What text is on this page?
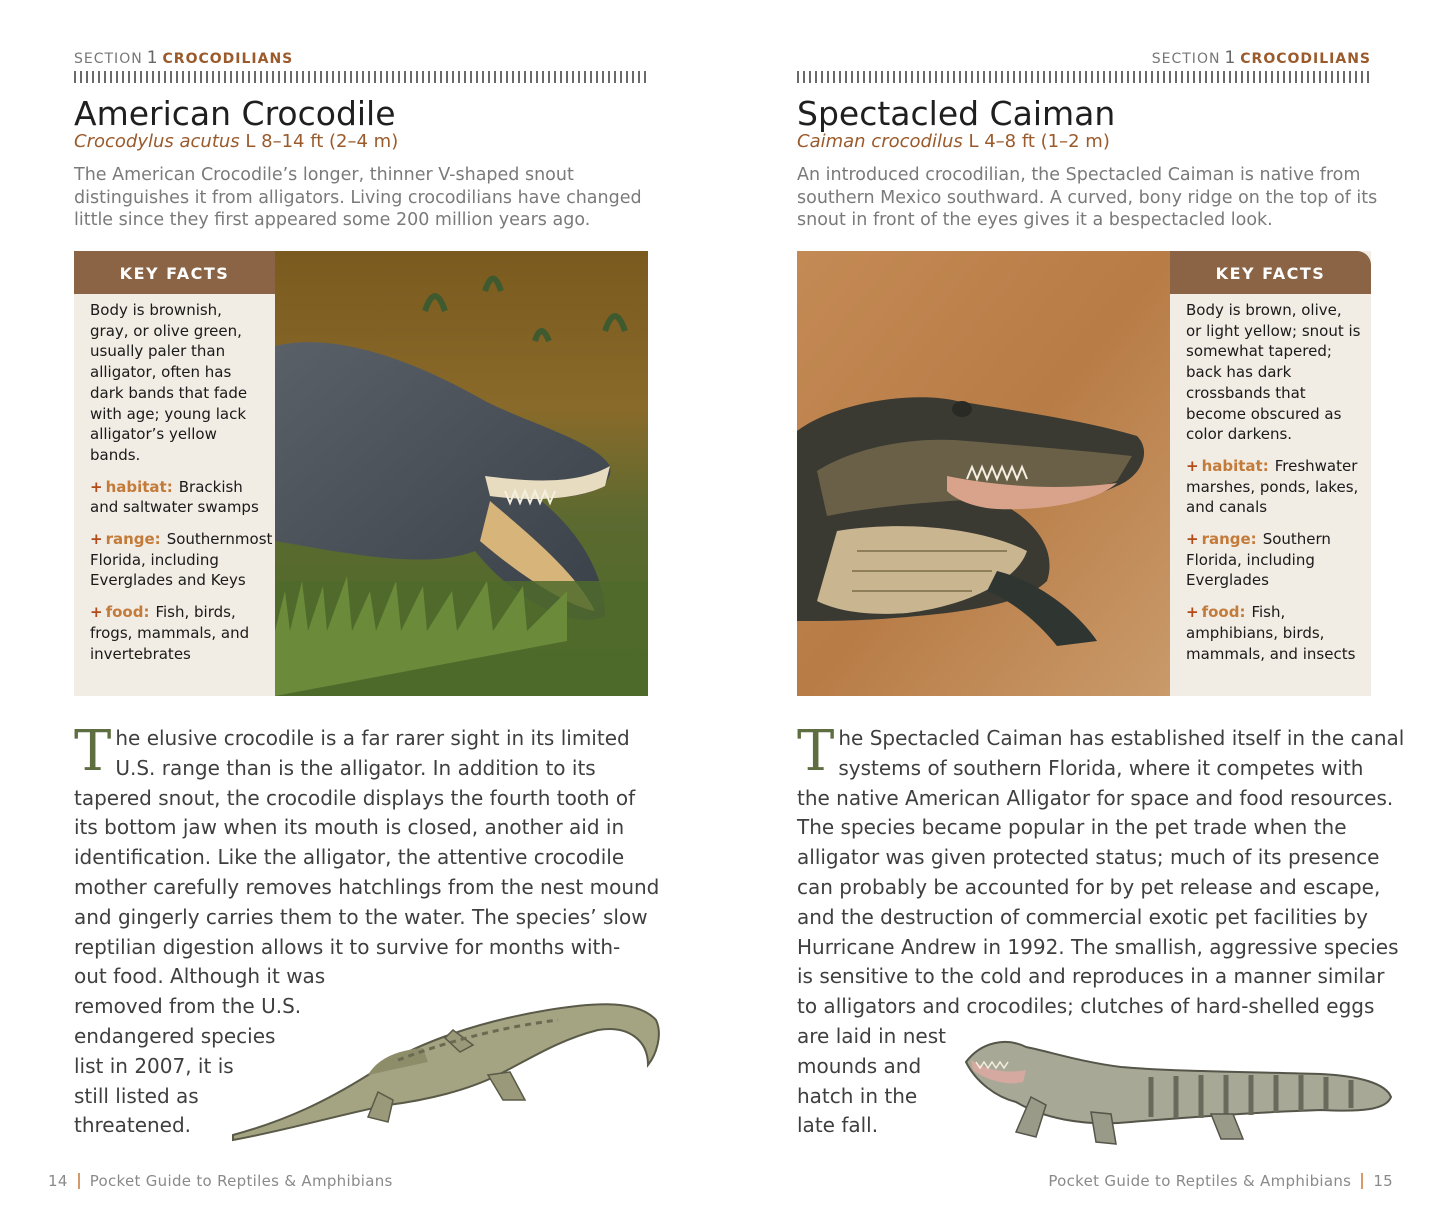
SECTION 1 CROCODILIANS
American Crocodile
Crocodylus acutus L 8–14 ft (2–4 m)
The American Crocodile’s longer, thinner V-shaped snout distinguishes it from alligators. Living crocodilians have changed little since they first appeared some 200 million years ago.
KEY FACTS

Body is brownish, gray, or olive green, usually paler than alligator, often has dark bands that fade with age; young lack alligator’s yellow bands.

+ habitat: Brackish and saltwater swamps

+ range: Southernmost Florida, including Everglades and Keys

+ food: Fish, birds, frogs, mammals, and invertebrates

T he elusive crocodile is a far rarer sight in its limited
U.S. range than is the alligator. In addition to its
tapered snout, the crocodile displays the fourth tooth of
its bottom jaw when its mouth is closed, another aid in
identification. Like the alligator, the attentive crocodile
mother carefully removes hatchlings from the nest mound
and gingerly carries them to the water. The species’ slow
reptilian digestion allows it to survive for months with-
out food. Although it was
removed from the U.S.
endangered species
list in 2007, it is
still listed as
threatened.
14 Pocket Guide to Reptiles & Amphibians
SECTION 1 CROCODILIANS
Spectacled Caiman
Caiman crocodilus L 4–8 ft (1–2 m)
An introduced crocodilian, the Spectacled Caiman is native from southern Mexico southward. A curved, bony ridge on the top of its snout in front of the eyes gives it a bespectacled look.
KEY FACTS

Body is brown, olive, or light yellow; snout is somewhat tapered; back has dark crossbands that become obscured as color darkens.

+ habitat: Freshwater marshes, ponds, lakes, and canals

+ range: Southern Florida, including Everglades

+ food: Fish, amphibians, birds, mammals, and insects

T he Spectacled Caiman has established itself in the canal
systems of southern Florida, where it competes with
the native American Alligator for space and food resources.
The species became popular in the pet trade when the
alligator was given protected status; much of its presence
can probably be accounted for by pet release and escape,
and the destruction of commercial exotic pet facilities by
Hurricane Andrew in 1992. The smallish, aggressive species
is sensitive to the cold and reproduces in a manner similar
to alligators and crocodiles; clutches of hard-shelled eggs
are laid in nest
mounds and
hatch in the
late fall.
Pocket Guide to Reptiles & Amphibians 15
